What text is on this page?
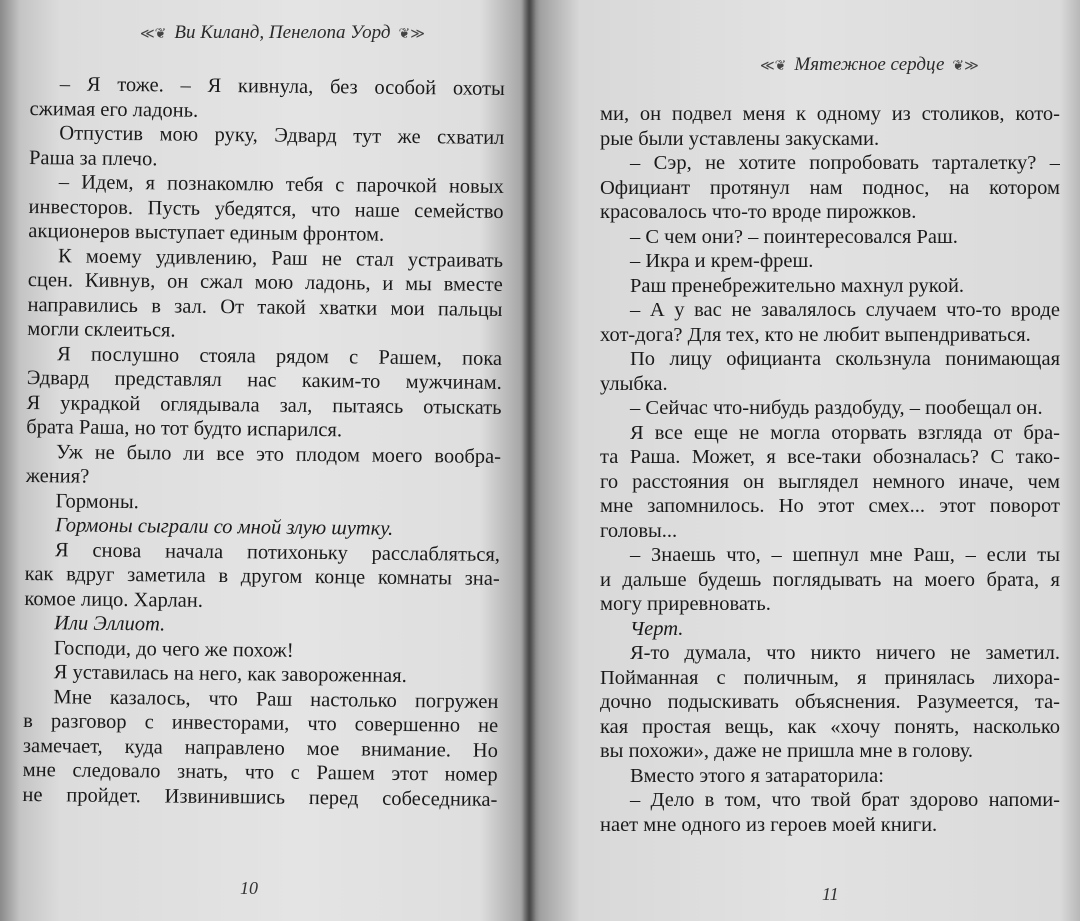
≪❦ Ви Киланд, Пенелопа Уорд ❦≫
– Я тоже. – Я кивнула, без особой охоты
сжимая его ладонь.
Отпустив мою руку, Эдвард тут же схватил
Раша за плечо.
– Идем, я познакомлю тебя с парочкой новых
инвесторов. Пусть убедятся, что наше семейство
акционеров выступает единым фронтом.
К моему удивлению, Раш не стал устраивать
сцен. Кивнув, он сжал мою ладонь, и мы вместе
направились в зал. От такой хватки мои пальцы
могли склеиться.
Я послушно стояла рядом с Рашем, пока
Эдвард представлял нас каким-то мужчинам.
Я украдкой оглядывала зал, пытаясь отыскать
брата Раша, но тот будто испарился.
Уж не было ли все это плодом моего вообра-
жения?
Гормоны.
Гормоны сыграли со мной злую шутку.
Я снова начала потихоньку расслабляться,
как вдруг заметила в другом конце комнаты зна-
комое лицо. Харлан.
Или Эллиот.
Господи, до чего же похож!
Я уставилась на него, как завороженная.
Мне казалось, что Раш настолько погружен
в разговор с инвесторами, что совершенно не
замечает, куда направлено мое внимание. Но
мне следовало знать, что с Рашем этот номер
не пройдет. Извинившись перед собеседника-
10
≪❦ Мятежное сердце ❦≫
ми, он подвел меня к одному из столиков, кото-
рые были уставлены закусками.
– Сэр, не хотите попробовать тарталетку? –
Официант протянул нам поднос, на котором
красовалось что-то вроде пирожков.
– С чем они? – поинтересовался Раш.
– Икра и крем-фреш.
Раш пренебрежительно махнул рукой.
– А у вас не завалялось случаем что-то вроде
хот-дога? Для тех, кто не любит выпендриваться.
По лицу официанта скользнула понимающая
улыбка.
– Сейчас что-нибудь раздобуду, – пообещал он.
Я все еще не могла оторвать взгляда от бра-
та Раша. Может, я все-таки обозналась? С тако-
го расстояния он выглядел немного иначе, чем
мне запомнилось. Но этот смех... этот поворот
головы...
– Знаешь что, – шепнул мне Раш, – если ты
и дальше будешь поглядывать на моего брата, я
могу приревновать.
Черт.
Я-то думала, что никто ничего не заметил.
Пойманная с поличным, я принялась лихора-
дочно подыскивать объяснения. Разумеется, та-
кая простая вещь, как «хочу понять, насколько
вы похожи», даже не пришла мне в голову.
Вместо этого я затараторила:
– Дело в том, что твой брат здорово напоми-
нает мне одного из героев моей книги.
11
